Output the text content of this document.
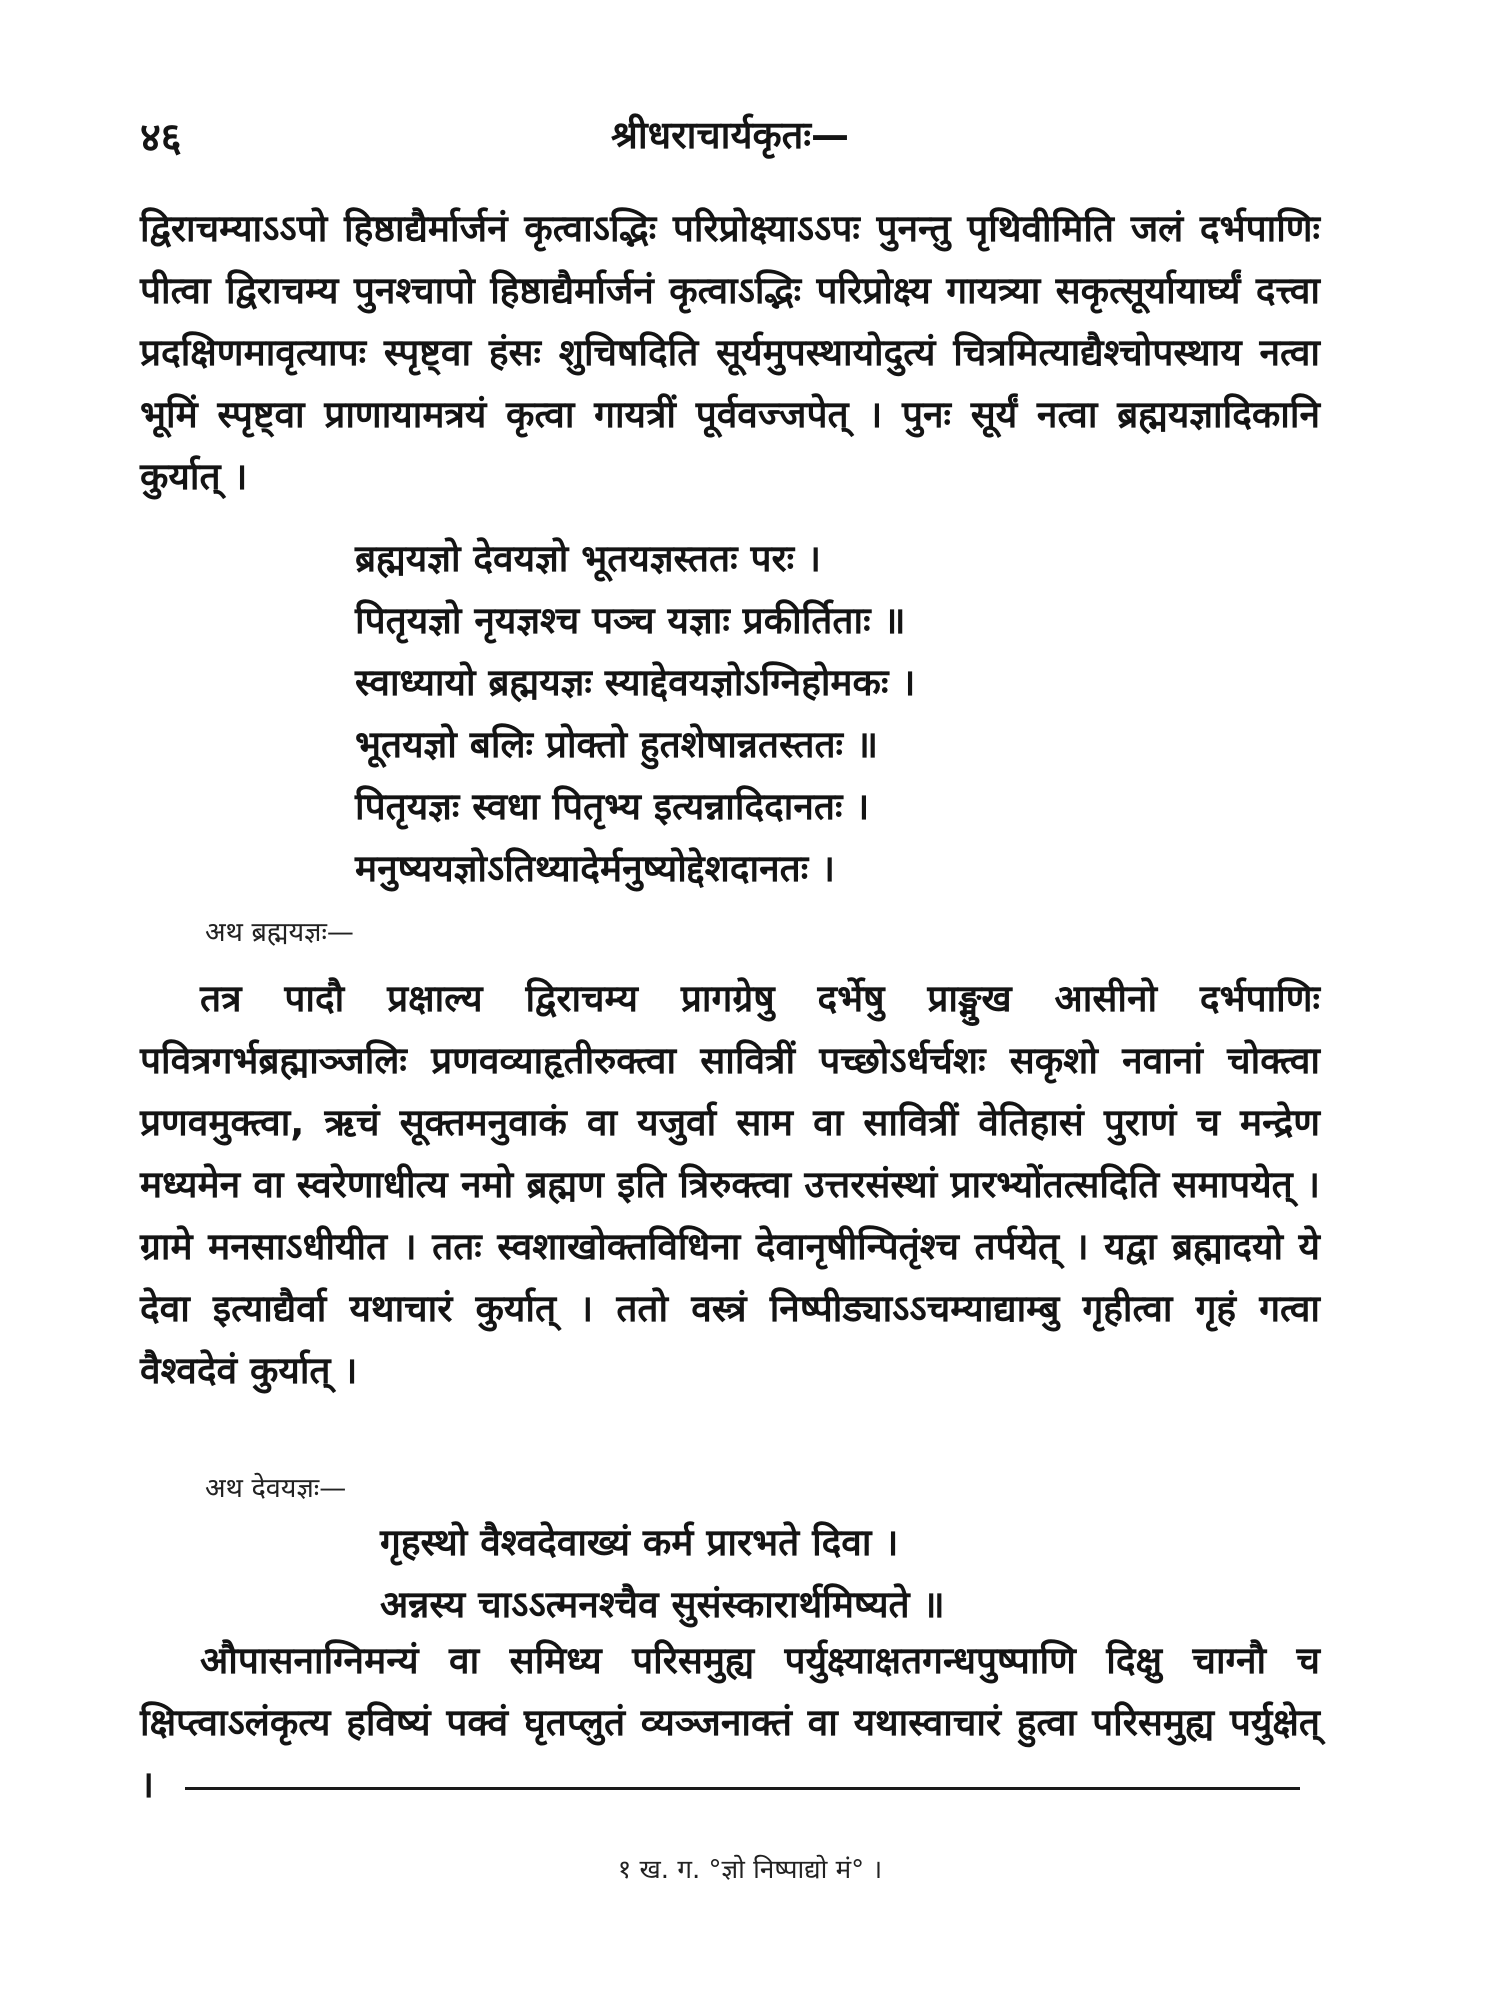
४६	श्रीधराचार्यकृतः—

द्विराचम्याऽऽपो हिष्ठाद्यैर्मार्जनं कृत्वाऽद्भिः परिप्रोक्ष्याऽऽपः पुनन्तु पृथिवीमिति जलं दर्भपाणिः पीत्वा द्विराचम्य पुनश्चापो हिष्ठाद्यैर्मार्जनं कृत्वाऽद्भिः परिप्रोक्ष्य गायत्र्या सकृत्सूर्यायार्घ्यं दत्त्वा प्रदक्षिणमावृत्यापः स्पृष्ट्वा हंसः शुचिषदिति सूर्यमुपस्थायोदुत्यं चित्रमित्याद्यैश्चोपस्थाय नत्वा भूमिं स्पृष्ट्वा प्राणायामत्रयं कृत्वा गायत्रीं पूर्ववज्जपेत् । पुनः सूर्यं नत्वा ब्रह्मयज्ञादिकानि कुर्यात् ।

ब्रह्मयज्ञो देवयज्ञो भूतयज्ञस्ततः परः ।
पितृयज्ञो नृयज्ञश्च पञ्च यज्ञाः प्रकीर्तिताः ॥
स्वाध्यायो ब्रह्मयज्ञः स्याद्देवयज्ञोऽग्निहोमकः ।
भूतयज्ञो बलिः प्रोक्तो हुतशेषान्नतस्ततः ॥
पितृयज्ञः स्वधा पितृभ्य इत्यन्नादिदानतः ।
मनुष्ययज्ञोऽतिथ्यादेर्मनुष्योद्देशदानतः ।
अथ ब्रह्मयज्ञः—

तत्र पादौ प्रक्षाल्य द्विराचम्य प्रागग्रेषु दर्भेषु प्राङ्मुख आसीनो दर्भपाणिः पवित्रगर्भब्रह्माञ्जलिः प्रणवव्याहृतीरुक्त्वा सावित्रीं पच्छोऽर्धर्चशः सकृशो नवानां चोक्त्वा प्रणवमुक्त्वा, ऋचं सूक्तमनुवाकं वा यजुर्वा साम वा सावित्रीं वेतिहासं पुराणं च मन्द्रेण मध्यमेन वा स्वरेणाधीत्य नमो ब्रह्मण इति त्रिरुक्त्वा उत्तरसंस्थां प्रारभ्योंतत्सदिति समापयेत् । ग्रामे मनसाऽधीयीत । ततः स्वशाखोक्तविधिना देवानृषीन्पितृंश्च तर्पयेत् । यद्वा ब्रह्मादयो ये देवा इत्याद्यैर्वा यथाचारं कुर्यात् । ततो वस्त्रं निष्पीड्याऽऽचम्याद्याम्बु गृहीत्वा गृहं गत्वा वैश्वदेवं कुर्यात् ।

अथ देवयज्ञः—
गृहस्थो वैश्वदेवाख्यं कर्म प्रारभते दिवा ।
अन्नस्य चाऽऽत्मनश्चैव सुसंस्कारार्थमिष्यते ॥

औपासनाग्निमन्यं वा समिध्य परिसमुह्य पर्युक्ष्याक्षतगन्धपुष्पाणि दिक्षु चाग्नौ च क्षिप्त्वाऽलंकृत्य हविष्यं पक्वं घृतप्लुतं व्यञ्जनाक्तं वा यथास्वाचारं हुत्वा परिसमुह्य पर्युक्षेत् ।

१ ख. ग. °ज्ञो निष्पाद्यो मं° ।
